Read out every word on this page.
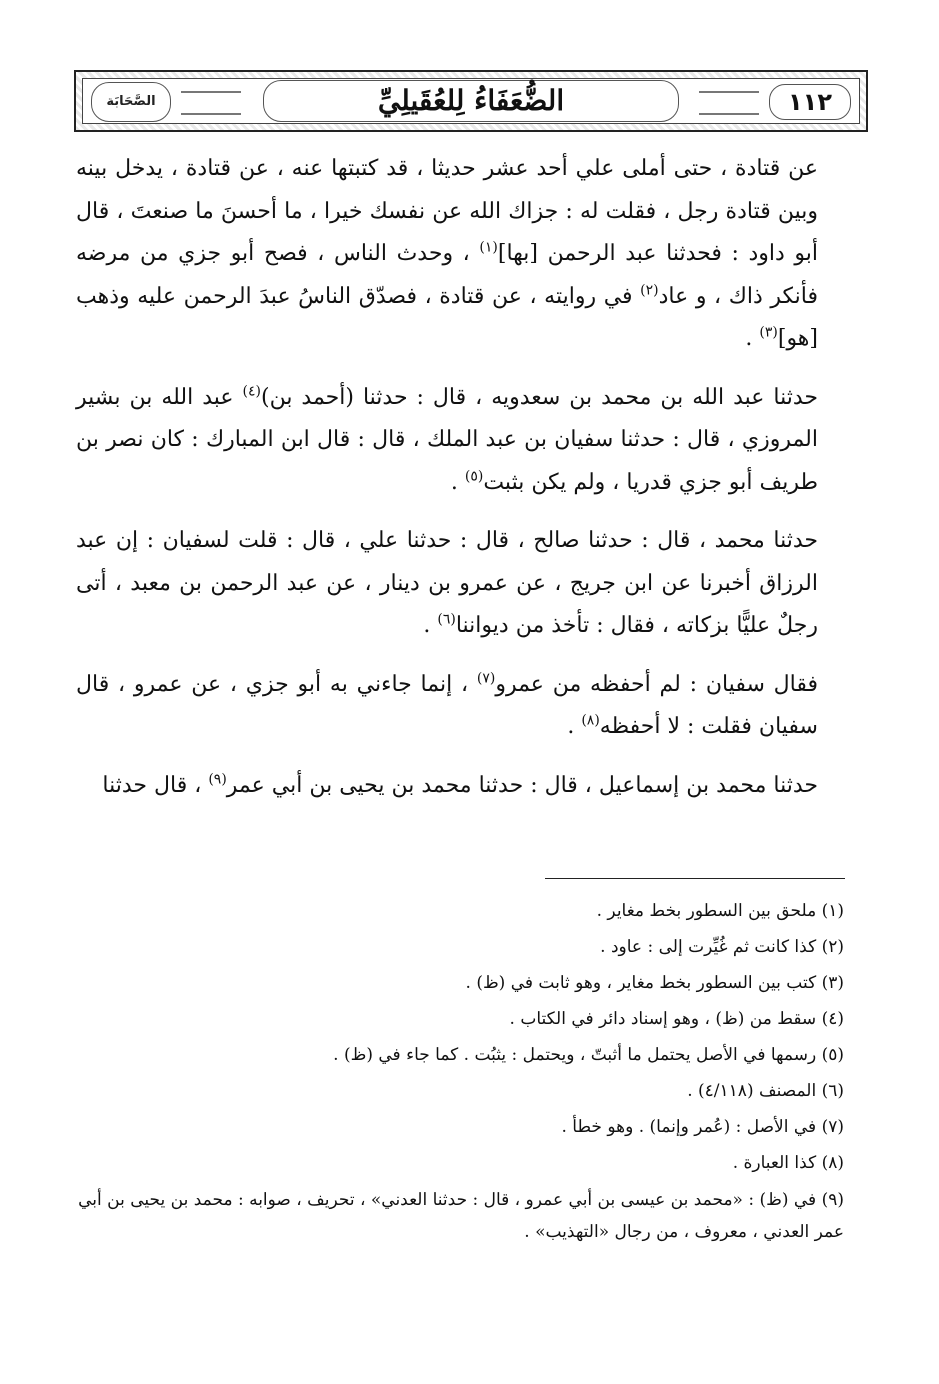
١١٢
الضُّعَفَاءُ لِلعُقَيلِيِّ
الصَّحَابَة

عن قتادة ، حتى أملى علي أحد عشر حديثا ، قد كتبتها عنه ، عن قتادة ، يدخل بينه وبين قتادة رجل ، فقلت له : جزاك الله عن نفسك خيرا ، ما أحسنَ ما صنعتَ ، قال أبو داود : فحدثنا عبد الرحمن [بها]$^{(١)}$ ، وحدث الناس ، فصح أبو جزي من مرضه فأنكر ذاك ، و عاد$^{(٢)}$ في روايته ، عن قتادة ، فصدّق الناسُ عبدَ الرحمن عليه وذهب [هو]$^{(٣)}$ .

حدثنا عبد الله بن محمد بن سعدويه ، قال : حدثنا (أحمد بن)$^{(٤)}$ عبد الله بن بشير المروزي ، قال : حدثنا سفيان بن عبد الملك ، قال : قال ابن المبارك : كان نصر بن طريف أبو جزي قدريا ، ولم يكن بثبت$^{(٥)}$ .

حدثنا محمد ، قال : حدثنا صالح ، قال : حدثنا علي ، قال : قلت لسفيان : إن عبد الرزاق أخبرنا عن ابن جريج ، عن عمرو بن دينار ، عن عبد الرحمن بن معبد ، أتى رجلٌ عليًّا بزكاته ، فقال : تأخذ من ديواننا$^{(٦)}$ .

فقال سفيان : لم أحفظه من عمرو$^{(٧)}$ ، إنما جاءني به أبو جزي ، عن عمرو ، قال سفيان فقلت : لا أحفظه$^{(٨)}$ .

حدثنا محمد بن إسماعيل ، قال : حدثنا محمد بن يحيى بن أبي عمر$^{(٩)}$ ، قال حدثنا

(١) ملحق بين السطور بخط مغاير .

(٢) كذا كانت ثم غُيِّرت إلى : عاود .

(٣) كتب بين السطور بخط مغاير ، وهو ثابت في (ظ) .

(٤) سقط من (ظ) ، وهو إسناد دائر في الكتاب .

(٥) رسمها في الأصل يحتمل ما أثبتّ ، ويحتمل : يثبُت . كما جاء في (ظ) .

(٦) المصنف (٤/١١٨) .

(٧) في الأصل : (عُمر وإنما) . وهو خطأ .

(٨) كذا العبارة .

(٩) في (ظ) : «محمد بن عيسى بن أبي عمرو ، قال : حدثنا العدني» ، تحريف ، صوابه : محمد بن يحيى بن أبي عمر العدني ، معروف ، من رجال «التهذيب» .
